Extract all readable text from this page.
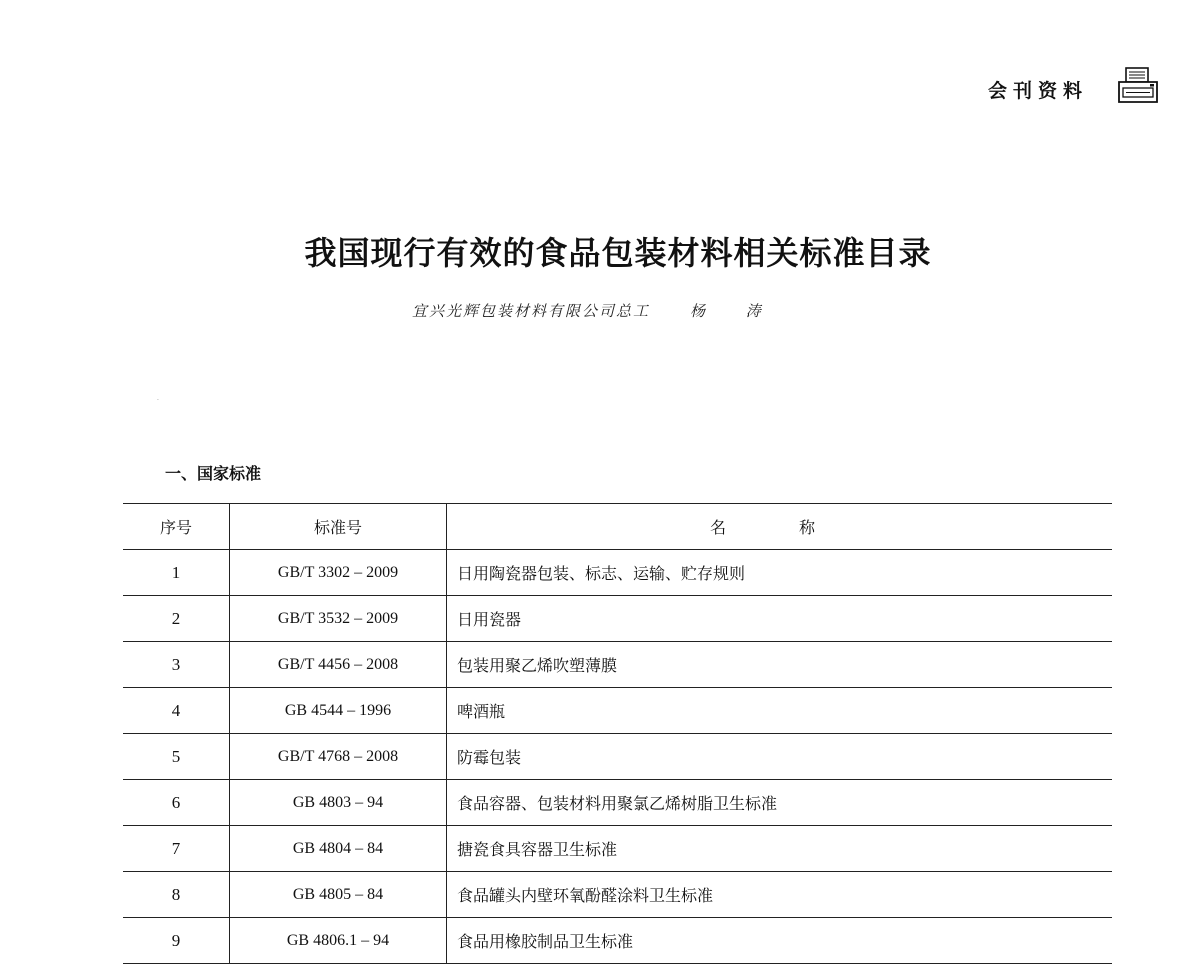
会刊资料
我国现行有效的食品包装材料相关标准目录
宜兴光辉包装材料有限公司总工	杨 涛
·
一、国家标准
序号	标准号	名 称
1	GB/T 3302 – 2009	日用陶瓷器包装、标志、运输、贮存规则
2	GB/T 3532 – 2009	日用瓷器
3	GB/T 4456 – 2008	包装用聚乙烯吹塑薄膜
4	GB 4544 – 1996	啤酒瓶
5	GB/T 4768 – 2008	防霉包装
6	GB 4803 – 94	食品容器、包装材料用聚氯乙烯树脂卫生标准
7	GB 4804 – 84	搪瓷食具容器卫生标准
8	GB 4805 – 84	食品罐头内壁环氧酚醛涂料卫生标准
9	GB 4806.1 – 94	食品用橡胶制品卫生标准
